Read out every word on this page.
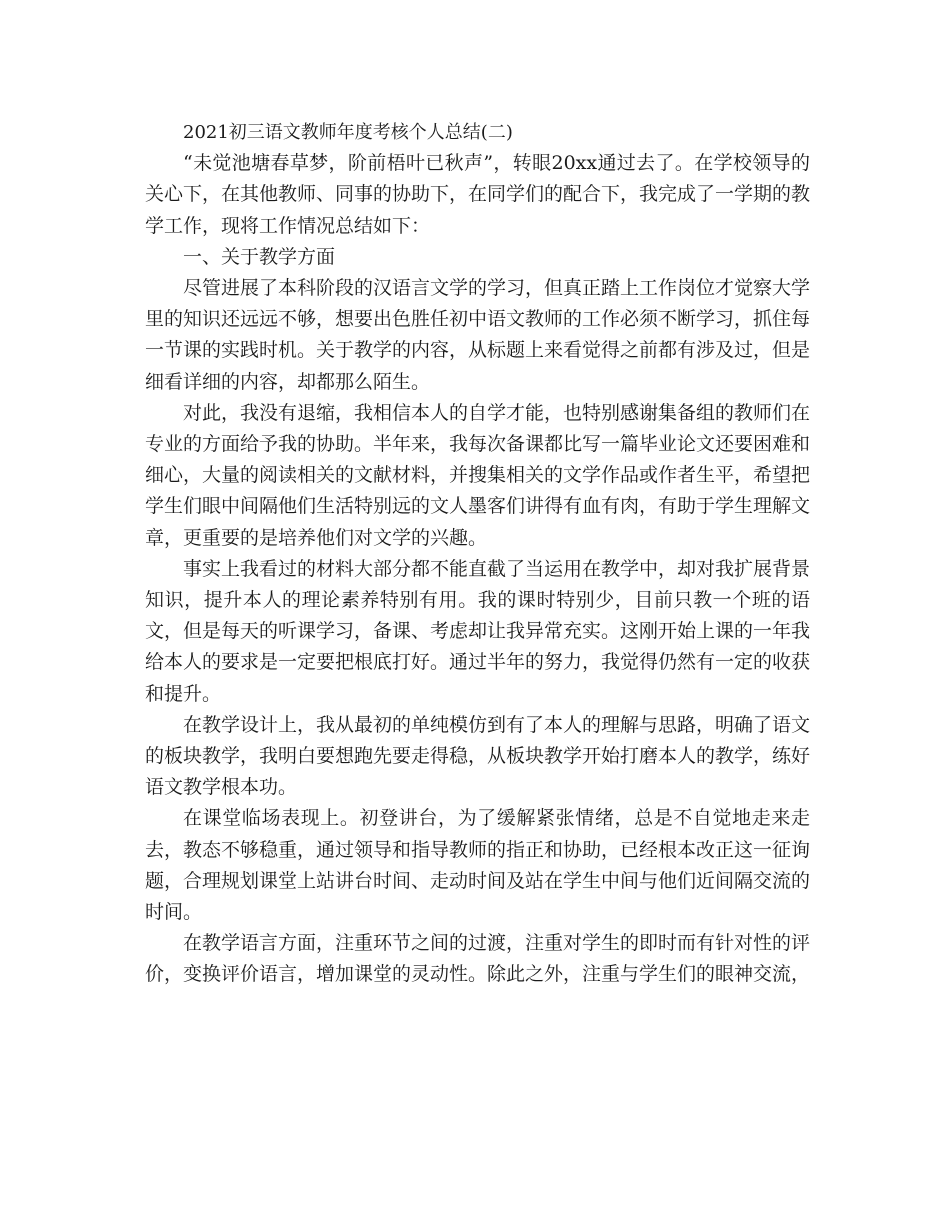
2021初三语文教师年度考核个人总结(二)

“未觉池塘春草梦，阶前梧叶已秋声”，转眼20xx通过去了。在学校领导的关心下，在其他教师、同事的协助下，在同学们的配合下，我完成了一学期的教学工作，现将工作情况总结如下：

一、关于教学方面

尽管进展了本科阶段的汉语言文学的学习，但真正踏上工作岗位才觉察大学里的知识还远远不够，想要出色胜任初中语文教师的工作必须不断学习，抓住每一节课的实践时机。关于教学的内容，从标题上来看觉得之前都有涉及过，但是细看详细的内容，却都那么陌生。

对此，我没有退缩，我相信本人的自学才能，也特别感谢集备组的教师们在专业的方面给予我的协助。半年来，我每次备课都比写一篇毕业论文还要困难和细心，大量的阅读相关的文献材料，并搜集相关的文学作品或作者生平，希望把学生们眼中间隔他们生活特别远的文人墨客们讲得有血有肉，有助于学生理解文章，更重要的是培养他们对文学的兴趣。

事实上我看过的材料大部分都不能直截了当运用在教学中，却对我扩展背景知识，提升本人的理论素养特别有用。我的课时特别少，目前只教一个班的语文，但是每天的听课学习，备课、考虑却让我异常充实。这刚开始上课的一年我给本人的要求是一定要把根底打好。通过半年的努力，我觉得仍然有一定的收获和提升。

在教学设计上，我从最初的单纯模仿到有了本人的理解与思路，明确了语文的板块教学，我明白要想跑先要走得稳，从板块教学开始打磨本人的教学，练好语文教学根本功。

在课堂临场表现上。初登讲台，为了缓解紧张情绪，总是不自觉地走来走去，教态不够稳重，通过领导和指导教师的指正和协助，已经根本改正这一征询题，合理规划课堂上站讲台时间、走动时间及站在学生中间与他们近间隔交流的时间。

在教学语言方面，注重环节之间的过渡，注重对学生的即时而有针对性的评价，变换评价语言，增加课堂的灵动性。除此之外，注重与学生们的眼神交流，
